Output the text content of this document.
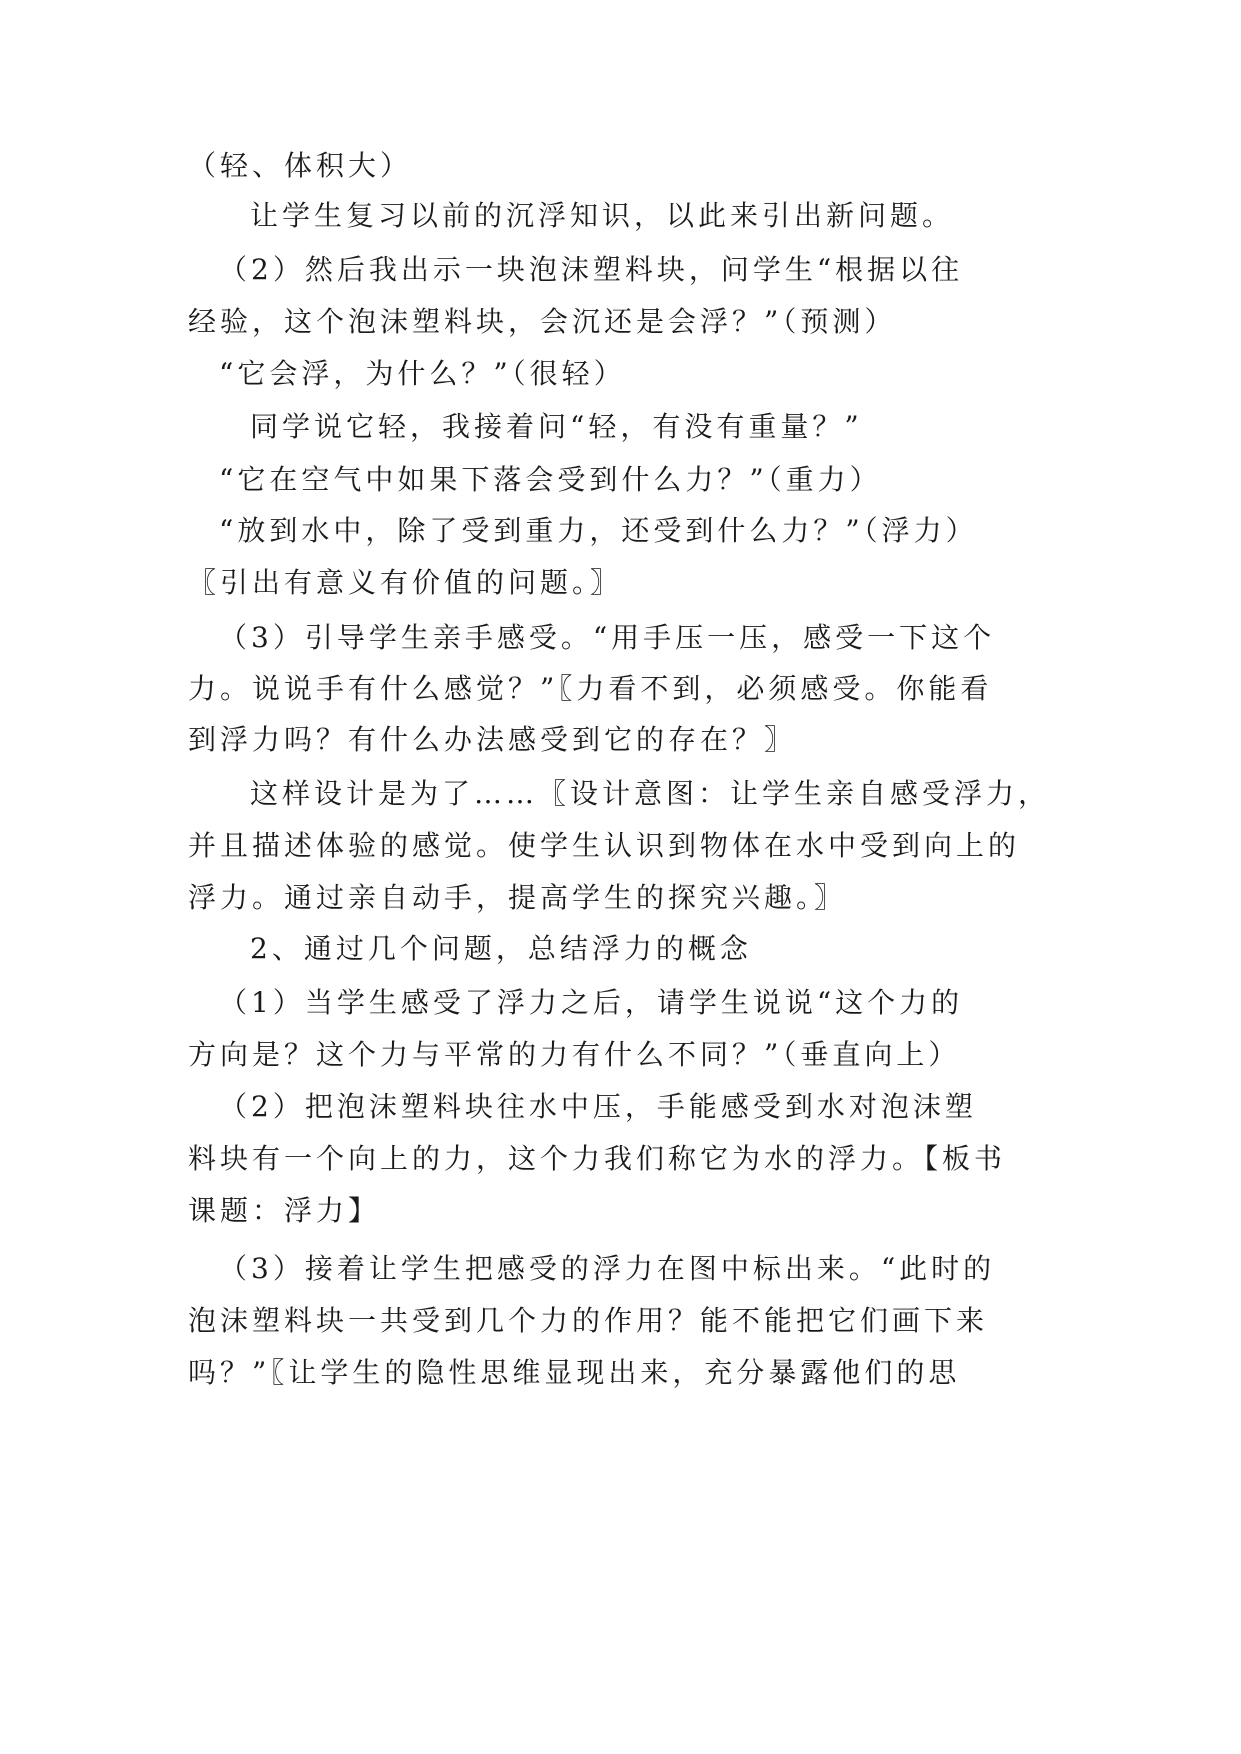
（轻、体积大）
让学生复习以前的沉浮知识，以此来引出新问题。
（2）然后我出示一块泡沫塑料块，问学生“根据以往
经验，这个泡沫塑料块，会沉还是会浮？”（预测）
“它会浮，为什么？”（很轻）
同学说它轻，我接着问“轻，有没有重量？”
“它在空气中如果下落会受到什么力？”（重力）
“放到水中，除了受到重力，还受到什么力？”（浮力）
〖引出有意义有价值的问题。〗
（3）引导学生亲手感受。“用手压一压，感受一下这个
力。说说手有什么感觉？”〖力看不到，必须感受。你能看
到浮力吗？有什么办法感受到它的存在？〗
这样设计是为了……〖设计意图：让学生亲自感受浮力，
并且描述体验的感觉。使学生认识到物体在水中受到向上的
浮力。通过亲自动手，提高学生的探究兴趣。〗
2、通过几个问题，总结浮力的概念
（1）当学生感受了浮力之后，请学生说说“这个力的
方向是？这个力与平常的力有什么不同？”（垂直向上）
（2）把泡沫塑料块往水中压，手能感受到水对泡沫塑
料块有一个向上的力，这个力我们称它为水的浮力。【板书
课题：浮力】
（3）接着让学生把感受的浮力在图中标出来。“此时的
泡沫塑料块一共受到几个力的作用？能不能把它们画下来
吗？”〖让学生的隐性思维显现出来，充分暴露他们的思
